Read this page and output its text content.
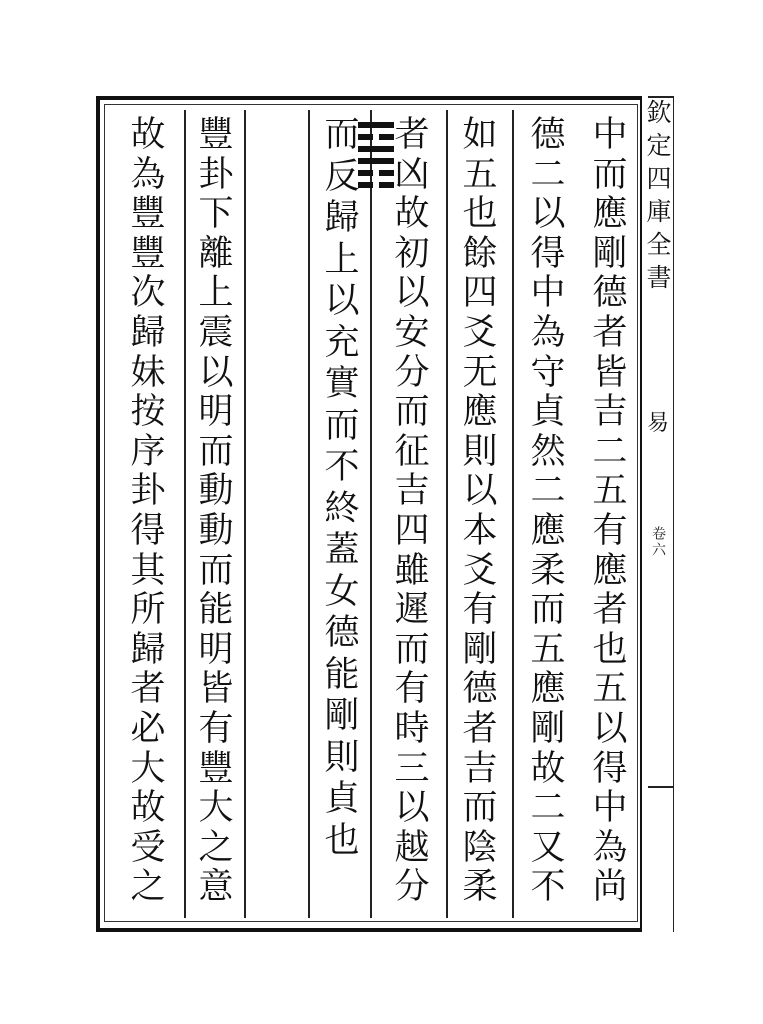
欽
定
四
庫
全
書
易
卷六
中
而
應
剛
德
者
皆
吉
二
五
有
應
者
也
五
以
得
中
為
尚
德
二
以
得
中
為
守
貞
然
二
應
柔
而
五
應
剛
故
二
又
不
如
五
也
餘
四
爻
无
應
則
以
本
爻
有
剛
德
者
吉
而
陰
柔
者
凶
故
初
以
安
分
而
征
吉
四
雖
遲
而
有
時
三
以
越
分
而
反
歸
上
以
充
實
而
不
終
蓋
女
德
能
剛
則
貞
也
豐
卦
下
離
上
震
以
明
而
動
動
而
能
明
皆
有
豐
大
之
意
故
為
豐
豐
次
歸
妹
按
序
卦
得
其
所
歸
者
必
大
故
受
之
